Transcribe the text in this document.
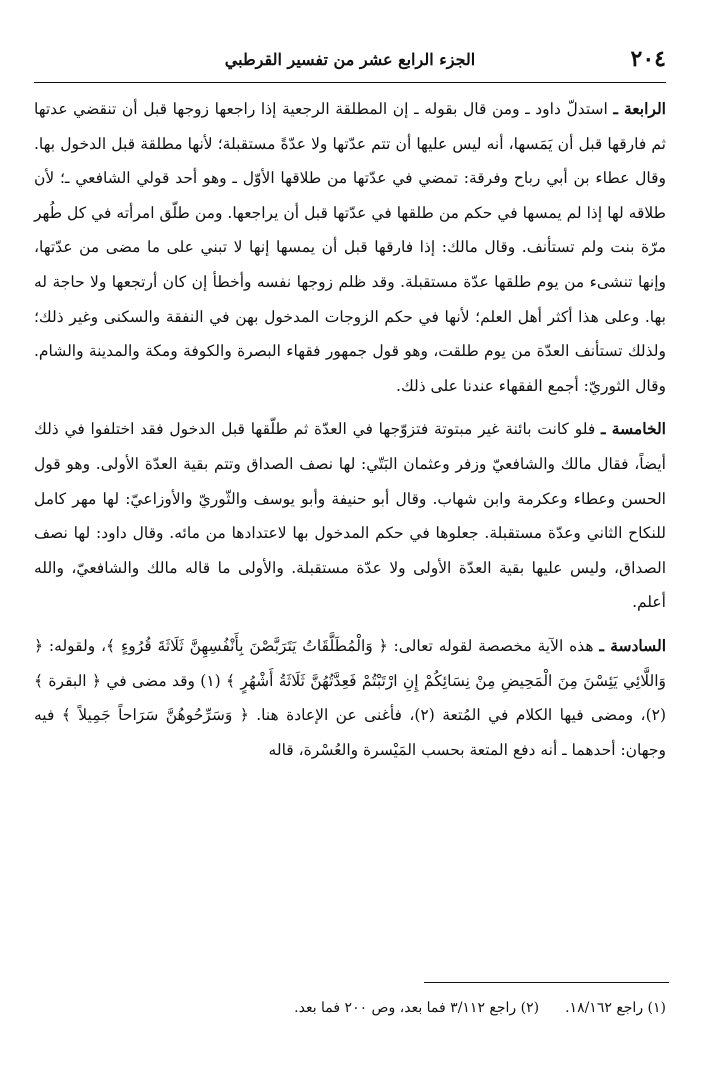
٢٠٤
الجزء الرابع عشر من تفسير القرطبي

الرابعة ـ استدلّ داود ـ ومن قال بقوله ـ إن المطلقة الرجعية إذا راجعها زوجها قبل أن تنقضي عدتها ثم فارقها قبل أن يَمَسها، أنه ليس عليها أن تتم عدّتها ولا عدّةً مستقبلة؛ لأنها مطلقة قبل الدخول بها. وقال عطاء بن أبي رباح وفرقة: تمضي في عدّتها من طلاقها الأوّل ـ وهو أحد قولي الشافعي ـ؛ لأن طلاقه لها إذا لم يمسها في حكم من طلقها في عدّتها قبل أن يراجعها. ومن طلّق امرأته في كل طُهر مرّة بنت ولم تستأنف. وقال مالك: إذا فارقها قبل أن يمسها إنها لا تبني على ما مضى من عدّتها، وإنها تنشىء من يوم طلقها عدّة مستقبلة. وقد ظلم زوجها نفسه وأخطأ إن كان أرتجعها ولا حاجة له بها. وعلى هذا أكثر أهل العلم؛ لأنها في حكم الزوجات المدخول بهن في النفقة والسكنى وغير ذلك؛ ولذلك تستأنف العدّة من يوم طلقت، وهو قول جمهور فقهاء البصرة والكوفة ومكة والمدينة والشام. وقال الثوريّ: أجمع الفقهاء عندنا على ذلك.

الخامسة ـ فلو كانت بائنة غير مبتوتة فتزوّجها في العدّة ثم طلّقها قبل الدخول فقد اختلفوا في ذلك أيضاً، فقال مالك والشافعيّ وزفر وعثمان البَتّي: لها نصف الصداق وتتم بقية العدّة الأولى. وهو قول الحسن وعطاء وعكرمة وابن شهاب. وقال أبو حنيفة وأبو يوسف والثّوريّ والأوزاعيّ: لها مهر كامل للنكاح الثاني وعدّة مستقبلة. جعلوها في حكم المدخول بها لاعتدادها من مائه. وقال داود: لها نصف الصداق، وليس عليها بقية العدّة الأولى ولا عدّة مستقبلة. والأولى ما قاله مالك والشافعيّ، والله أعلم.

السادسة ـ هذه الآية مخصصة لقوله تعالى: ﴿ وَالْمُطَلَّقَاتُ يَتَرَبَّصْنَ بِأَنْفُسِهِنَّ ثَلَاثَةَ قُرُوءٍ ﴾، ولقوله: ﴿ وَاللَّائِي يَئِسْنَ مِنَ الْمَحِيضِ مِنْ نِسَائِكُمْ إِنِ ارْتَبْتُمْ فَعِدَّتُهُنَّ ثَلَاثَةُ أَشْهُرٍ ﴾ (١) وقد مضى في ﴿ البقرة ﴾(٢)، ومضى فيها الكلام في المُتعة (٢)، فأغنى عن الإعادة هنا. ﴿ وَسَرِّحُوهُنَّ سَرَاحاً جَمِيلاً ﴾ فيه وجهان: أحدهما ـ أنه دفع المتعة بحسب المَيْسرة والعُسْرة، قاله

(١) راجع ١٨/١٦٢.(٢) راجع ٣/١١٢ فما بعد، وص ٢٠٠ فما بعد.
